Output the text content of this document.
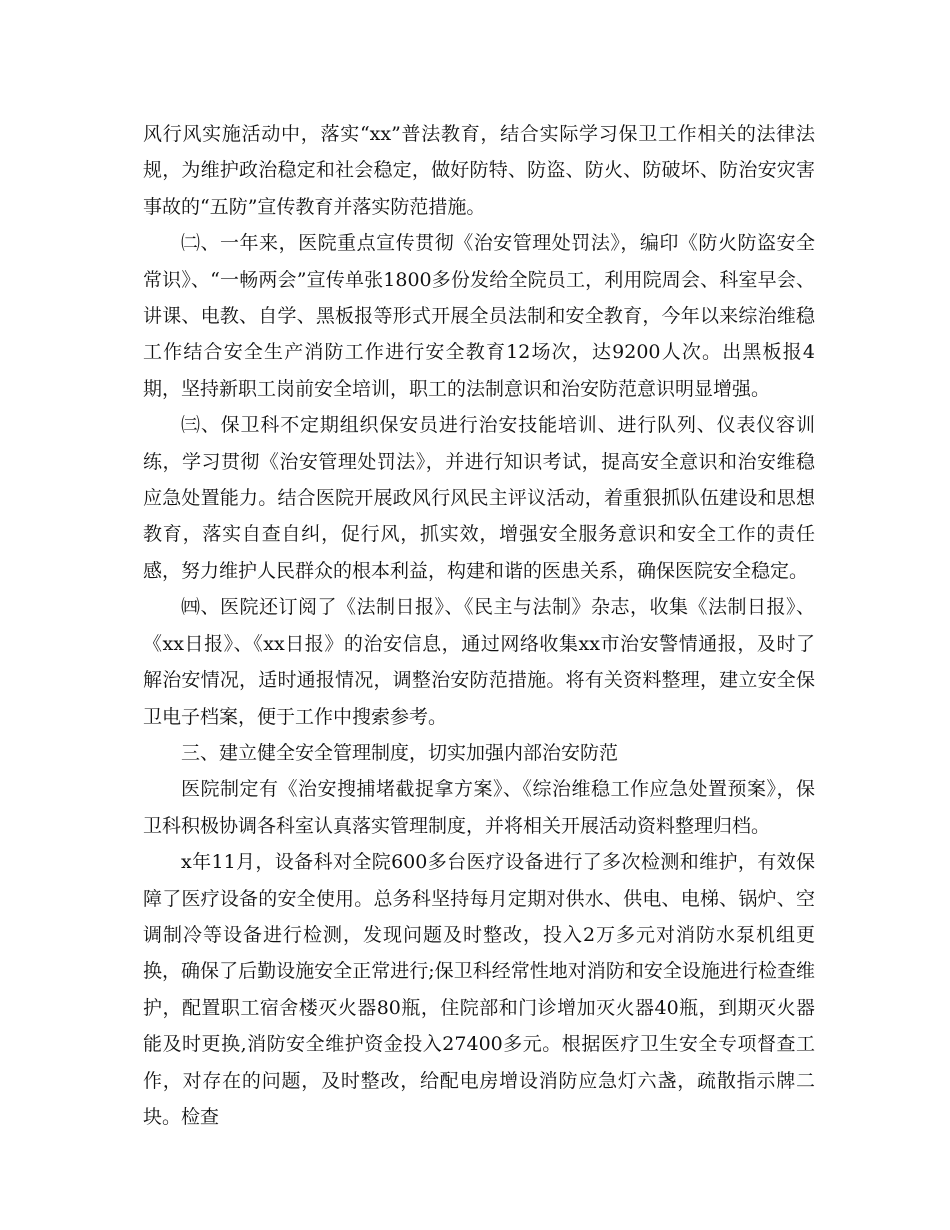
风行风实施活动中，落实“xx”普法教育，结合实际学习保卫工作相关的法律法规，为维护政治稳定和社会稳定，做好防特、防盗、防火、防破坏、防治安灾害事故的“五防”宣传教育并落实防范措施。

㈡、一年来，医院重点宣传贯彻《治安管理处罚法》，编印《防火防盗安全常识》、“一畅两会”宣传单张1800多份发给全院员工，利用院周会、科室早会、讲课、电教、自学、黑板报等形式开展全员法制和安全教育，今年以来综治维稳工作结合安全生产消防工作进行安全教育12场次，达9200人次。出黑板报4期，坚持新职工岗前安全培训，职工的法制意识和治安防范意识明显增强。

㈢、保卫科不定期组织保安员进行治安技能培训、进行队列、仪表仪容训练，学习贯彻《治安管理处罚法》，并进行知识考试，提高安全意识和治安维稳应急处置能力。结合医院开展政风行风民主评议活动，着重狠抓队伍建设和思想教育，落实自查自纠，促行风，抓实效，增强安全服务意识和安全工作的责任感，努力维护人民群众的根本利益，构建和谐的医患关系，确保医院安全稳定。

㈣、医院还订阅了《法制日报》、《民主与法制》杂志，收集《法制日报》、《xx日报》、《xx日报》的治安信息，通过网络收集xx市治安警情通报，及时了解治安情况，适时通报情况，调整治安防范措施。将有关资料整理，建立安全保卫电子档案，便于工作中搜索参考。

三、建立健全安全管理制度，切实加强内部治安防范

医院制定有《治安搜捕堵截捉拿方案》、《综治维稳工作应急处置预案》，保卫科积极协调各科室认真落实管理制度，并将相关开展活动资料整理归档。

x年11月，设备科对全院600多台医疗设备进行了多次检测和维护，有效保障了医疗设备的安全使用。总务科坚持每月定期对供水、供电、电梯、锅炉、空调制冷等设备进行检测，发现问题及时整改，投入2万多元对消防水泵机组更换，确保了后勤设施安全正常进行;保卫科经常性地对消防和安全设施进行检查维护，配置职工宿舍楼灭火器80瓶，住院部和门诊增加灭火器40瓶，到期灭火器能及时更换,消防安全维护资金投入27400多元。根据医疗卫生安全专项督查工作，对存在的问题，及时整改，给配电房增设消防应急灯六盏，疏散指示牌二块。检查
